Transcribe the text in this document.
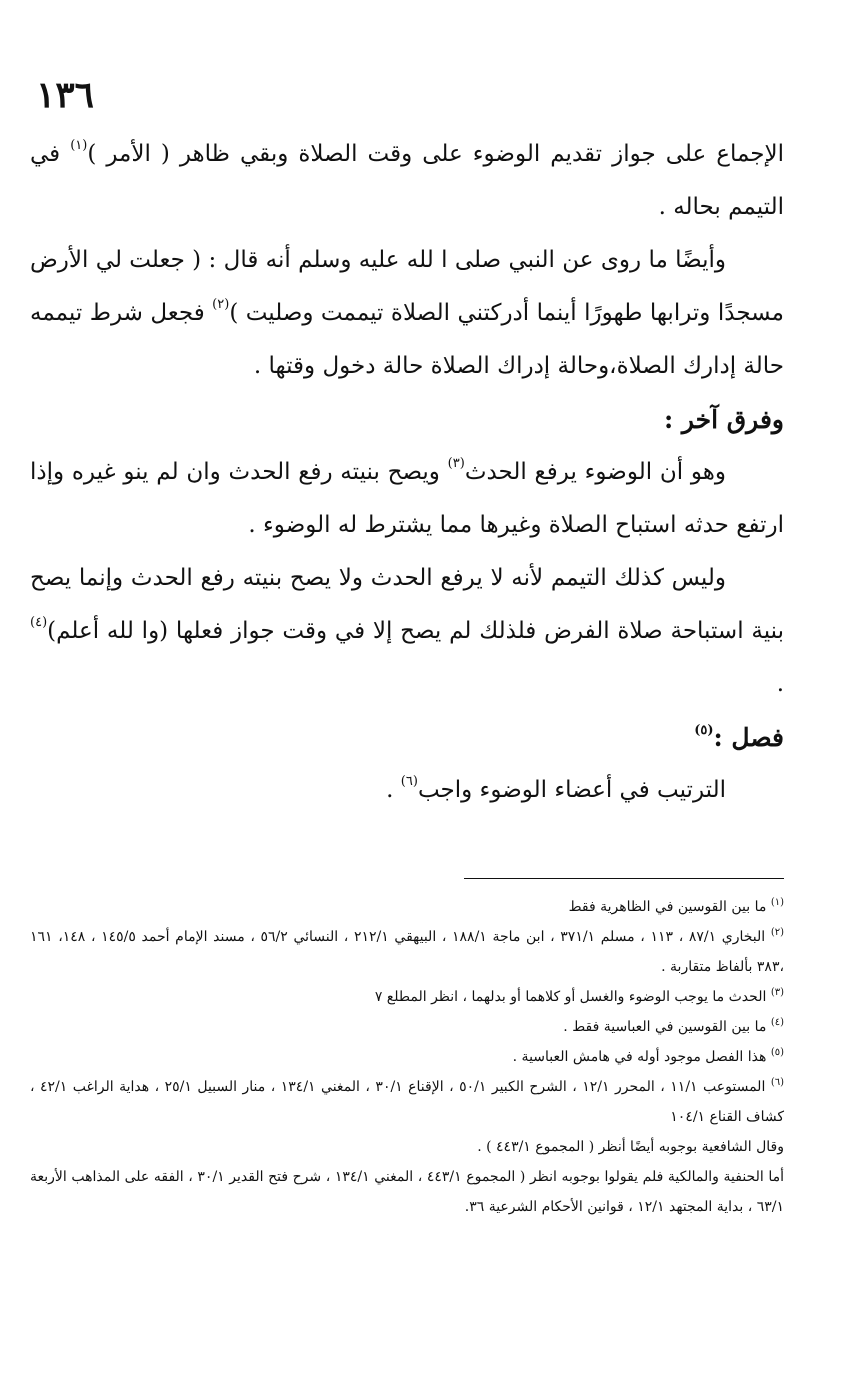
١٣٦

الإجماع على جواز تقديم الوضوء على وقت الصلاة وبقي ظاهر ( الأمر )$^{(١)}$ في التيمم بحاله .

وأيضًا ما روى عن النبي صلى ا لله عليه وسلم أنه قال : ( جعلت لي الأرض مسجدًا وترابها طهورًا أينما أدركتني الصلاة تيممت وصليت )$^{(٢)}$ فجعل شرط تيممه حالة إدارك الصلاة،وحالة إدراك الصلاة حالة دخول وقتها .

وفرق آخر :

وهو أن الوضوء يرفع الحدث$^{(٣)}$ ويصح بنيته رفع الحدث وان لم ينو غيره وإذا ارتفع حدثه استباح الصلاة وغيرها مما يشترط له الوضوء .

وليس كذلك التيمم لأنه لا يرفع الحدث ولا يصح بنيته رفع الحدث وإنما يصح بنية استباحة صلاة الفرض فلذلك لم يصح إلا في وقت جواز فعلها (وا لله أعلم)$^{(٤)}$ .

فصل :$^{(٥)}$

الترتيب في أعضاء الوضوء واجب$^{(٦)}$ .

$^{(١)}$ ما بين القوسين في الظاهرية فقط

$^{(٢)}$ البخاري ٨٧/١ ، ١١٣ ، مسلم ٣٧١/١ ، ابن ماجة ١٨٨/١ ، البيهقي ٢١٢/١ ، النسائي ٥٦/٢ ، مسند الإمام أحمد ١٤٥/٥ ، ١٤٨، ١٦١ ،٣٨٣ بألفاظ متقاربة .

$^{(٣)}$ الحدث ما يوجب الوضوء والغسل أو كلاهما أو بدلهما ، انظر المطلع ٧

$^{(٤)}$ ما بين القوسين في العباسية فقط .

$^{(٥)}$ هذا الفصل موجود أوله في هامش العباسية .

$^{(٦)}$ المستوعب ١١/١ ، المحرر ١٢/١ ، الشرح الكبير ٥٠/١ ، الإقناع ٣٠/١ ، المغني ١٣٤/١ ، منار السبيل ٢٥/١ ، هداية الراغب ٤٢/١ ، كشاف القناع ١٠٤/١

وقال الشافعية بوجوبه أيضًا أنظر ( المجموع ٤٤٣/١ ) .

أما الحنفية والمالكية فلم يقولوا بوجوبه انظر ( المجموع ٤٤٣/١ ، المغني ١٣٤/١ ، شرح فتح القدير ٣٠/١ ، الفقه على المذاهب الأربعة ٦٣/١ ، بداية المجتهد ١٢/١ ، قوانين الأحكام الشرعية ٣٦.
